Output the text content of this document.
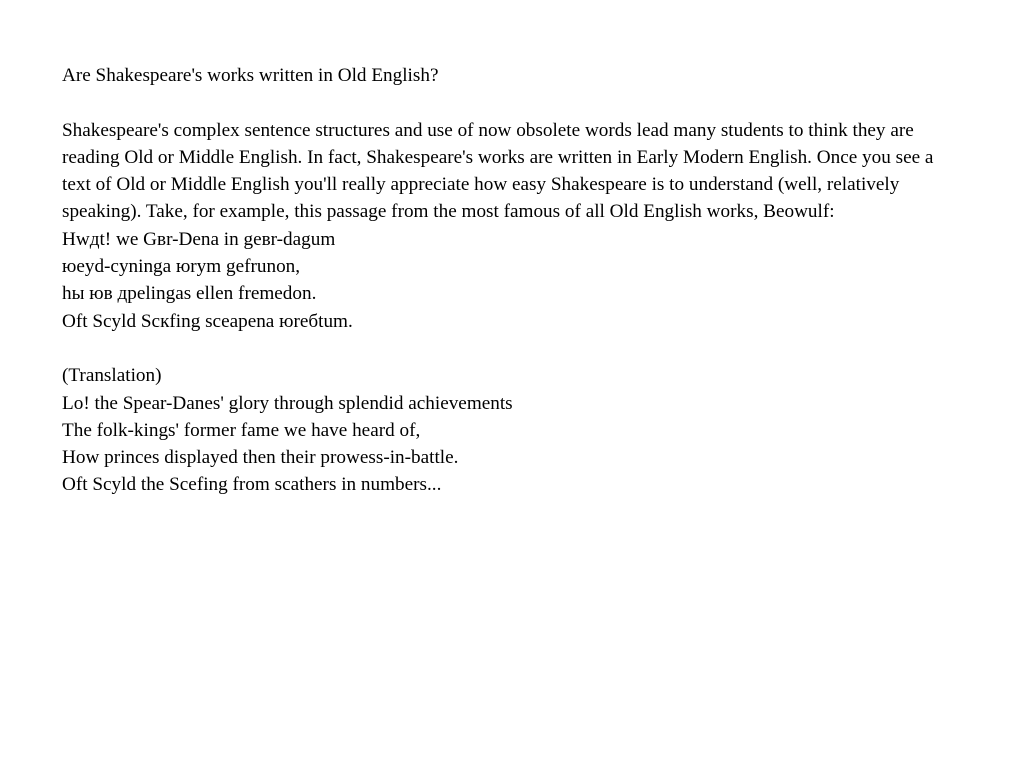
Are Shakespeare's works written in Old English?

Shakespeare's complex sentence structures and use of now obsolete words lead many students to think they are reading Old or Middle English. In fact, Shakespeare's works are written in Early Modern English. Once you see a text of Old or Middle English you'll really appreciate how easy Shakespeare is to understand (well, relatively speaking). Take, for example, this passage from the most famous of all Old English works, Beowulf:

Hwдt! we Gвr-Dena in geвr-dagum

юeyd-cyninga юrym gefrunon,

hы юв дpelingas ellen fremedon.

Oft Scyld Scкfing sceapena юreбtum.

(Translation)

Lo! the Spear-Danes' glory through splendid achievements

The folk-kings' former fame we have heard of,

How princes displayed then their prowess-in-battle.

Oft Scyld the Scefing from scathers in numbers...
